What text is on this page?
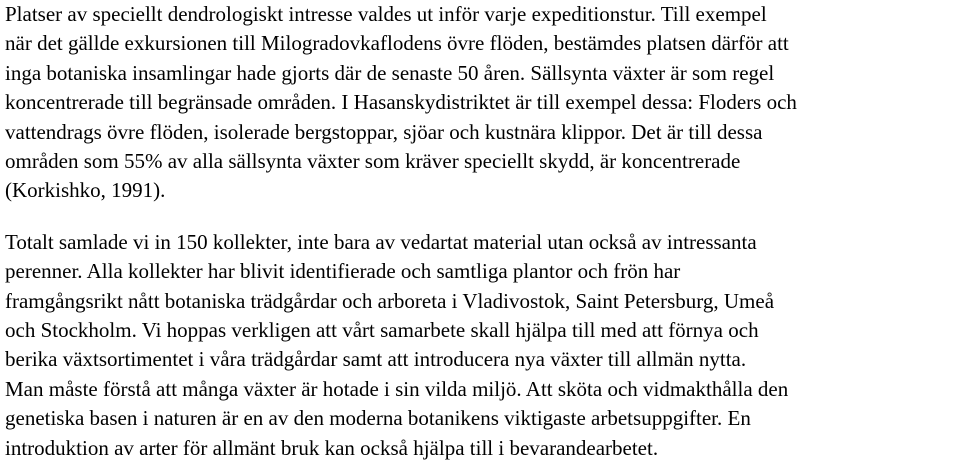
Platser av speciellt dendrologiskt intresse valdes ut inför varje expeditionstur. Till exempel
när det gällde exkursionen till Milogradovkaflodens övre flöden, bestämdes platsen därför att
inga botaniska insamlingar hade gjorts där de senaste 50 åren. Sällsynta växter är som regel
koncentrerade till begränsade områden. I Hasanskydistriktet är till exempel dessa: Floders och
vattendrags övre flöden, isolerade bergstoppar, sjöar och kustnära klippor. Det är till dessa
områden som 55% av alla sällsynta växter som kräver speciellt skydd, är koncentrerade
(Korkishko, 1991).

Totalt samlade vi in 150 kollekter, inte bara av vedartat material utan också av intressanta
perenner. Alla kollekter har blivit identifierade och samtliga plantor och frön har
framgångsrikt nått botaniska trädgårdar och arboreta i Vladivostok, Saint Petersburg, Umeå
och Stockholm. Vi hoppas verkligen att vårt samarbete skall hjälpa till med att förnya och
berika växtsortimentet i våra trädgårdar samt att introducera nya växter till allmän nytta.
Man måste förstå att många växter är hotade i sin vilda miljö. Att sköta och vidmakthålla den
genetiska basen i naturen är en av den moderna botanikens viktigaste arbetsuppgifter. En
introduktion av arter för allmänt bruk kan också hjälpa till i bevarandearbetet.
